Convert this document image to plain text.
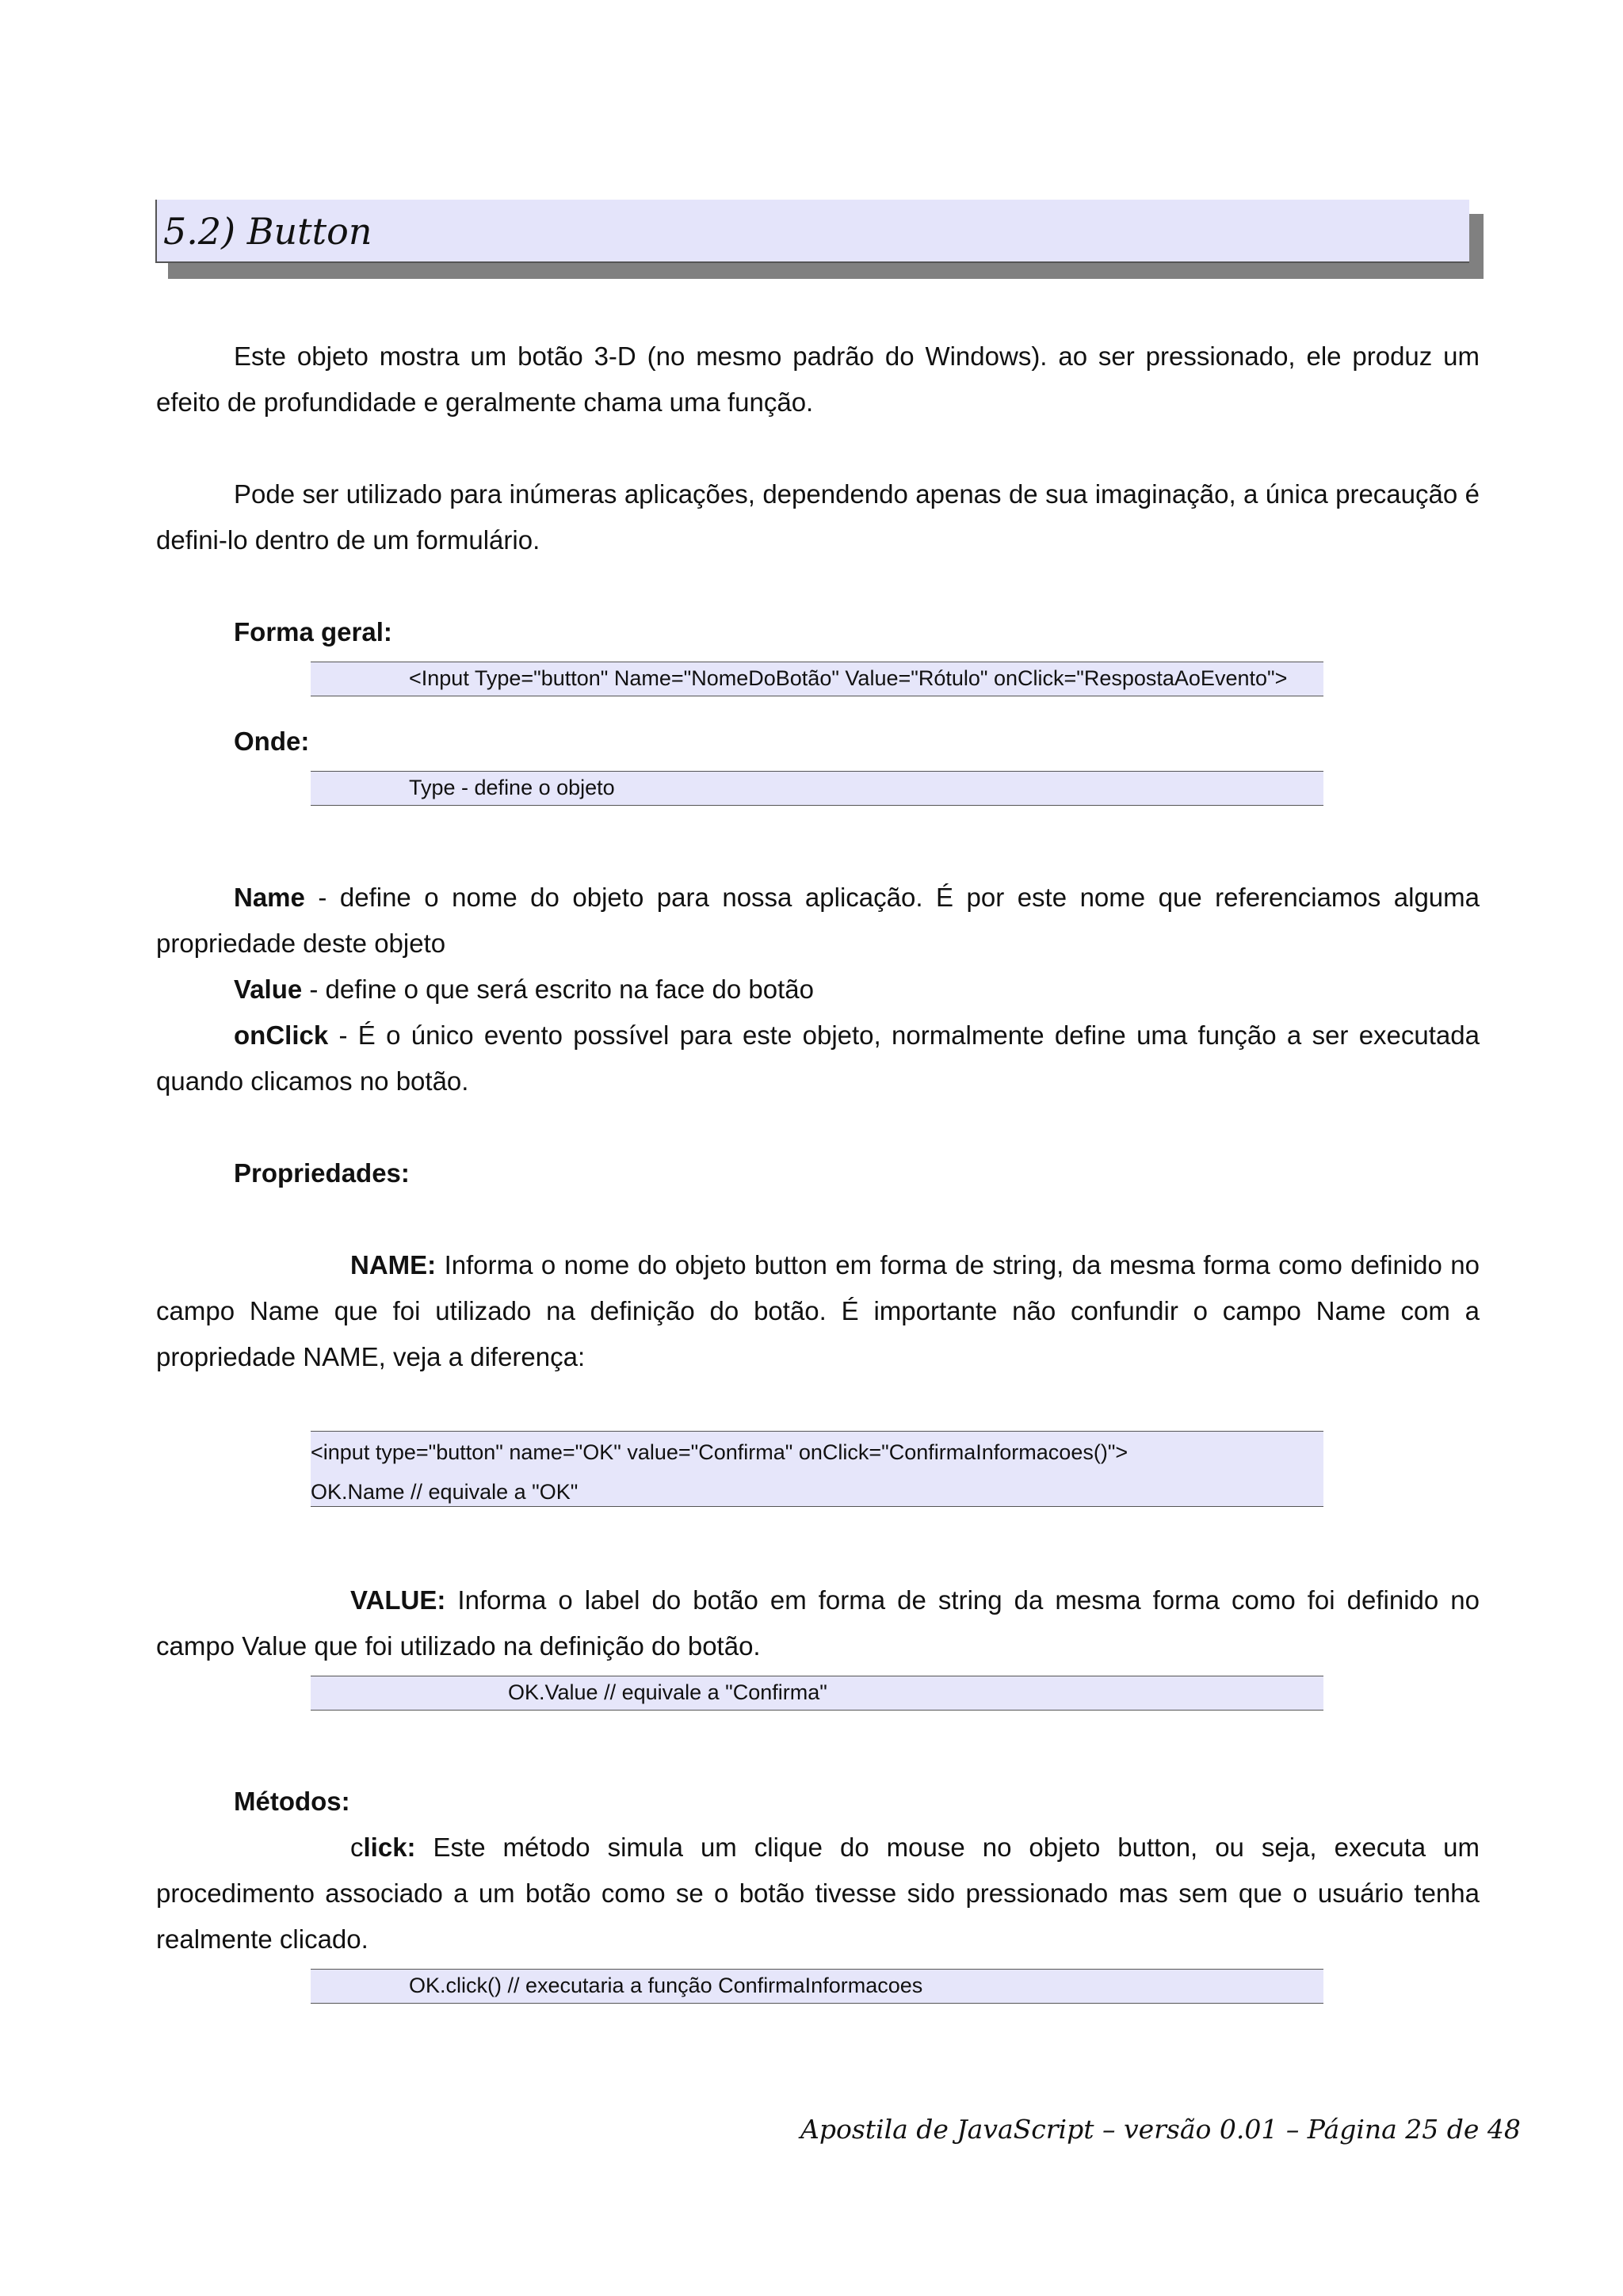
5.2) Button

Este objeto mostra um botão 3-D (no mesmo padrão do Windows). ao ser pressionado, ele produz um efeito de profundidade e geralmente chama uma função.

Pode ser utilizado para inúmeras aplicações, dependendo apenas de sua imaginação, a única precaução é defini-lo dentro de um formulário.

Forma geral:

<Input Type="button" Name="NomeDoBotão" Value="Rótulo" onClick="RespostaAoEvento">

Onde:

Type - define o objeto

Name - define o nome do objeto para nossa aplicação. É por este nome que referenciamos alguma propriedade deste objeto

Value - define o que será escrito na face do botão

onClick - É o único evento possível para este objeto, normalmente define uma função a ser executada quando clicamos no botão.

Propriedades:

NAME: Informa o nome do objeto button em forma de string, da mesma forma como definido no campo Name que foi utilizado na definição do botão. É importante não confundir o campo Name com a propriedade NAME, veja a diferença:

<input type="button" name="OK" value="Confirma" onClick="ConfirmaInformacoes()">
OK.Name // equivale a "OK"

VALUE: Informa o label do botão em forma de string da mesma forma como foi definido no campo Value que foi utilizado na definição do botão.

OK.Value // equivale a "Confirma"

Métodos:

click: Este método simula um clique do mouse no objeto button, ou seja, executa um procedimento associado a um botão como se o botão tivesse sido pressionado mas sem que o usuário tenha realmente clicado.

OK.click() // executaria a função ConfirmaInformacoes
Apostila de JavaScript – versão 0.01 – Página 25 de 48
